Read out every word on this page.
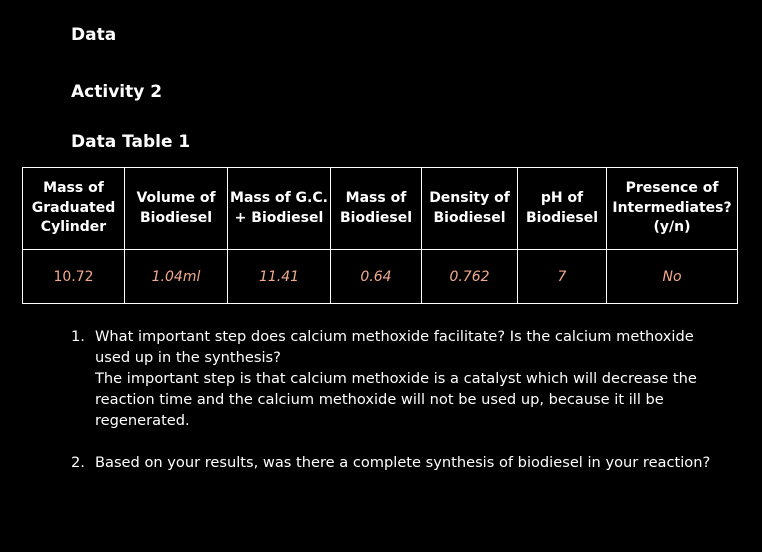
Data
Activity 2
Data Table 1
Mass of Graduated Cylinder	Volume of Biodiesel	Mass of G.C. + Biodiesel	Mass of Biodiesel	Density of Biodiesel	pH of Biodiesel	Presence of Intermediates? (y/n)
10.72	1.04ml	11.41	0.64	0.762	7	No
1. What important step does calcium methoxide facilitate? Is the calcium methoxide used up in the synthesis?
The important step is that calcium methoxide is a catalyst which will decrease the reaction time and the calcium methoxide will not be used up, because it ill be regenerated.
2. Based on your results, was there a complete synthesis of biodiesel in your reaction?
